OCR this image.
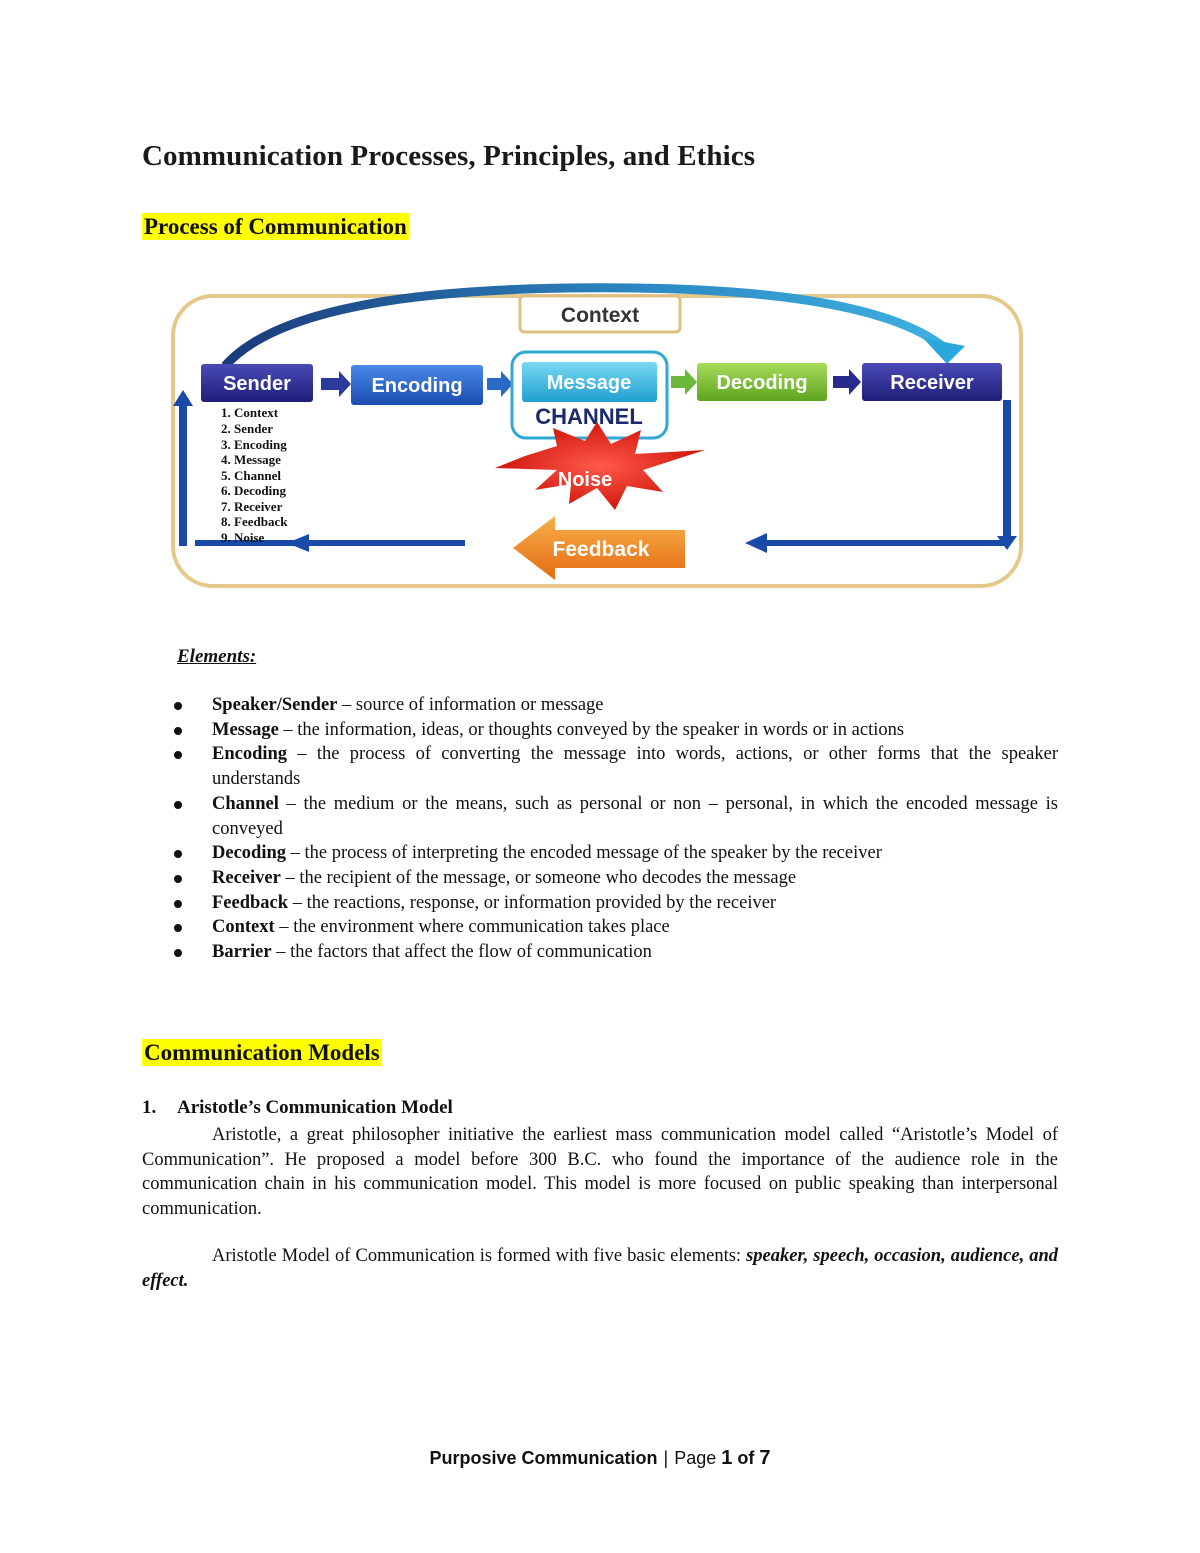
Communication Processes, Principles, and Ethics
Process of Communication
Context
Sender	Encoding	Message
CHANNEL
Decoding	Receiver
Noise
Feedback
1. Context
2. Sender
3. Encoding
4. Message
5. Channel
6. Decoding
7. Receiver
8. Feedback
9. Noise

Elements:

Speaker/Sender – source of information or message
Message – the information, ideas, or thoughts conveyed by the speaker in words or in actions
Encoding – the process of converting the message into words, actions, or other forms that the speaker understands
Channel – the medium or the means, such as personal or non – personal, in which the encoded message is conveyed
Decoding – the process of interpreting the encoded message of the speaker by the receiver
Receiver – the recipient of the message, or someone who decodes the message
Feedback – the reactions, response, or information provided by the receiver
Context – the environment where communication takes place
Barrier – the factors that affect the flow of communication
Communication Models
1. Aristotle’s Communication Model

Aristotle, a great philosopher initiative the earliest mass communication model called “Aristotle’s Model of Communication”. He proposed a model before 300 B.C. who found the importance of the audience role in the communication chain in his communication model. This model is more focused on public speaking than interpersonal communication.

Aristotle Model of Communication is formed with five basic elements: speaker, speech, occasion, audience, and effect.

Purposive Communication | Page 1 of 7
